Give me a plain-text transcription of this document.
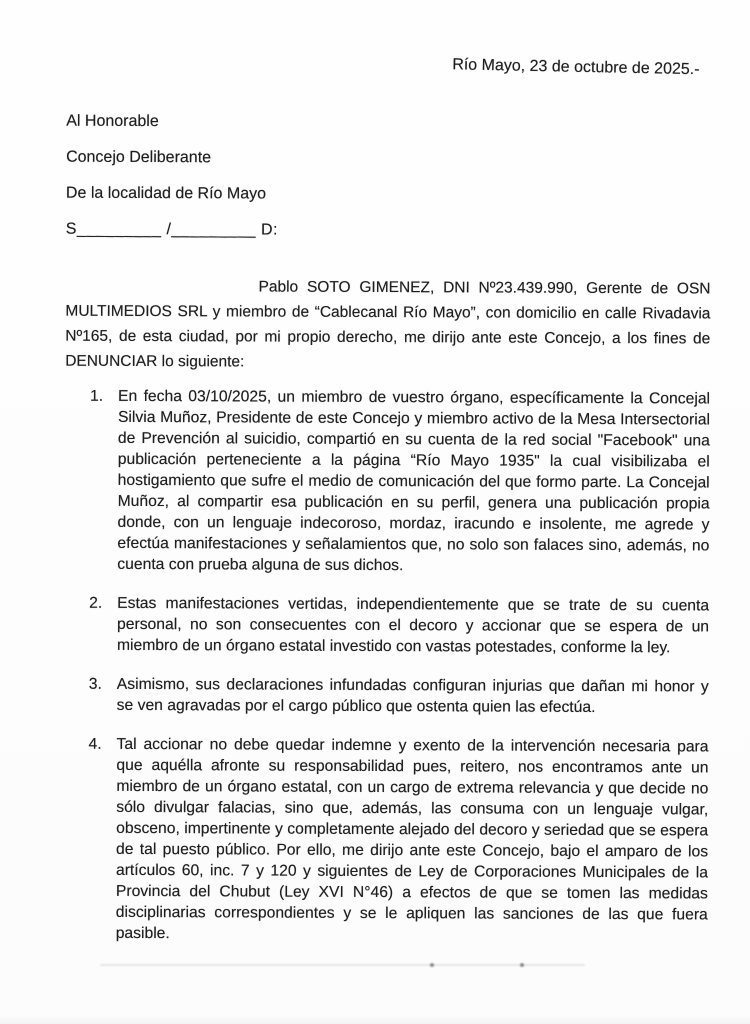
Río Mayo, 23 de octubre de 2025.-
Al Honorable
Concejo Deliberante
De la localidad de Río Mayo
S_________ /_________ D:

Pablo SOTO GIMENEZ, DNI Nº23.439.990, Gerente de OSN MULTIMEDIOS SRL y miembro de “Cablecanal Río Mayo”, con domicilio en calle Rivadavia Nº165, de esta ciudad, por mi propio derecho, me dirijo ante este Concejo, a los fines de DENUNCIAR lo siguiente:

1. En fecha 03/10/2025, un miembro de vuestro órgano, específicamente la Concejal Silvia Muñoz, Presidente de este Concejo y miembro activo de la Mesa Intersectorial de Prevención al suicidio, compartió en su cuenta de la red social "Facebook" una publicación perteneciente a la página “Río Mayo 1935" la cual visibilizaba el hostigamiento que sufre el medio de comunicación del que formo parte. La Concejal Muñoz, al compartir esa publicación en su perfil, genera una publicación propia donde, con un lenguaje indecoroso, mordaz, iracundo e insolente, me agrede y efectúa manifestaciones y señalamientos que, no solo son falaces sino, además, no cuenta con prueba alguna de sus dichos.
2. Estas manifestaciones vertidas, independientemente que se trate de su cuenta personal, no son consecuentes con el decoro y accionar que se espera de un miembro de un órgano estatal investido con vastas potestades, conforme la ley.
3. Asimismo, sus declaraciones infundadas configuran injurias que dañan mi honor y se ven agravadas por el cargo público que ostenta quien las efectúa.
4. Tal accionar no debe quedar indemne y exento de la intervención necesaria para que aquélla afronte su responsabilidad pues, reitero, nos encontramos ante un miembro de un órgano estatal, con un cargo de extrema relevancia y que decide no sólo divulgar falacias, sino que, además, las consuma con un lenguaje vulgar, obsceno, impertinente y completamente alejado del decoro y seriedad que se espera de tal puesto público. Por ello, me dirijo ante este Concejo, bajo el amparo de los artículos 60, inc. 7 y 120 y siguientes de Ley de Corporaciones Municipales de la Provincia del Chubut (Ley XVI N°46) a efectos de que se tomen las medidas disciplinarias correspondientes y se le apliquen las sanciones de las que fuera pasible.
